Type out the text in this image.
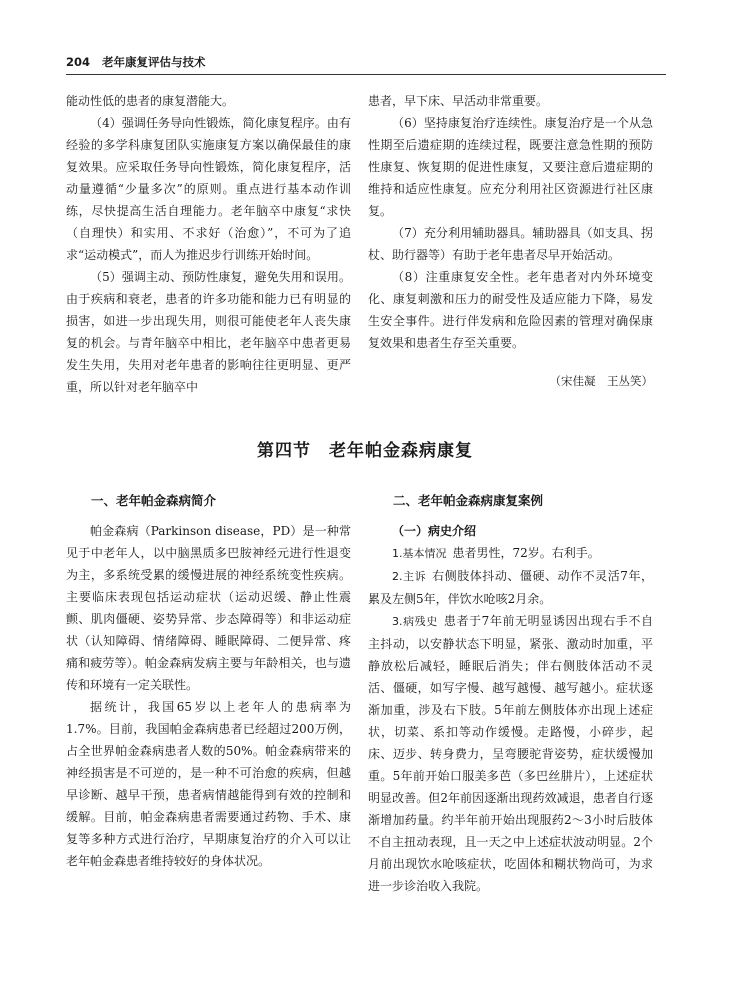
204 老年康复评估与技术

能动性低的患者的康复潜能大。

（4）强调任务导向性锻炼，简化康复程序。由有经验的多学科康复团队实施康复方案以确保最佳的康复效果。应采取任务导向性锻炼，简化康复程序，活动量遵循“少量多次”的原则。重点进行基本动作训练，尽快提高生活自理能力。老年脑卒中康复“求快（自理快）和实用、不求好（治愈）”，不可为了追求“运动模式”，而人为推迟步行训练开始时间。

（5）强调主动、预防性康复，避免失用和误用。由于疾病和衰老，患者的许多功能和能力已有明显的损害，如进一步出现失用，则很可能使老年人丧失康复的机会。与青年脑卒中相比，老年脑卒中患者更易发生失用，失用对老年患者的影响往往更明显、更严重，所以针对老年脑卒中

患者，早下床、早活动非常重要。

（6）坚持康复治疗连续性。康复治疗是一个从急性期至后遗症期的连续过程，既要注意急性期的预防性康复、恢复期的促进性康复，又要注意后遗症期的维持和适应性康复。应充分利用社区资源进行社区康复。

（7）充分利用辅助器具。辅助器具（如支具、拐杖、助行器等）有助于老年患者尽早开始活动。

（8）注重康复安全性。老年患者对内外环境变化、康复刺激和压力的耐受性及适应能力下降，易发生安全事件。进行伴发病和危险因素的管理对确保康复效果和患者生存至关重要。

（宋佳凝　王丛笑）
第四节　老年帕金森病康复

一、老年帕金森病简介

帕金森病（Parkinson disease，PD）是一种常见于中老年人，以中脑黑质多巴胺神经元进行性退变为主，多系统受累的缓慢进展的神经系统变性疾病。主要临床表现包括运动症状（运动迟缓、静止性震颤、肌肉僵硬、姿势异常、步态障碍等）和非运动症状（认知障碍、情绪障碍、睡眠障碍、二便异常、疼痛和疲劳等）。帕金森病发病主要与年龄相关，也与遗传和环境有一定关联性。

据统计，我国65岁以上老年人的患病率为1.7%。目前，我国帕金森病患者已经超过200万例，占全世界帕金森病患者人数的50%。帕金森病带来的神经损害是不可逆的，是一种不可治愈的疾病，但越早诊断、越早干预，患者病情越能得到有效的控制和缓解。目前，帕金森病患者需要通过药物、手术、康复等多种方式进行治疗，早期康复治疗的介入可以让老年帕金森患者维持较好的身体状况。

二、老年帕金森病康复案例

（一）病史介绍

1.基本情况 患者男性，72岁。右利手。

2.主诉 右侧肢体抖动、僵硬、动作不灵活7年，累及左侧5年，伴饮水呛咳2月余。

3.病残史 患者于7年前无明显诱因出现右手不自主抖动，以安静状态下明显，紧张、激动时加重，平静放松后减轻，睡眠后消失；伴右侧肢体活动不灵活、僵硬，如写字慢、越写越慢、越写越小。症状逐渐加重，涉及右下肢。5年前左侧肢体亦出现上述症状，切菜、系扣等动作缓慢。走路慢，小碎步，起床、迈步、转身费力，呈弯腰驼背姿势，症状缓慢加重。5年前开始口服美多芭（多巴丝肼片），上述症状明显改善。但2年前因逐渐出现药效减退，患者自行逐渐增加药量。约半年前开始出现服药2～3小时后肢体不自主扭动表现，且一天之中上述症状波动明显。2个月前出现饮水呛咳症状，吃固体和糊状物尚可，为求进一步诊治收入我院。
